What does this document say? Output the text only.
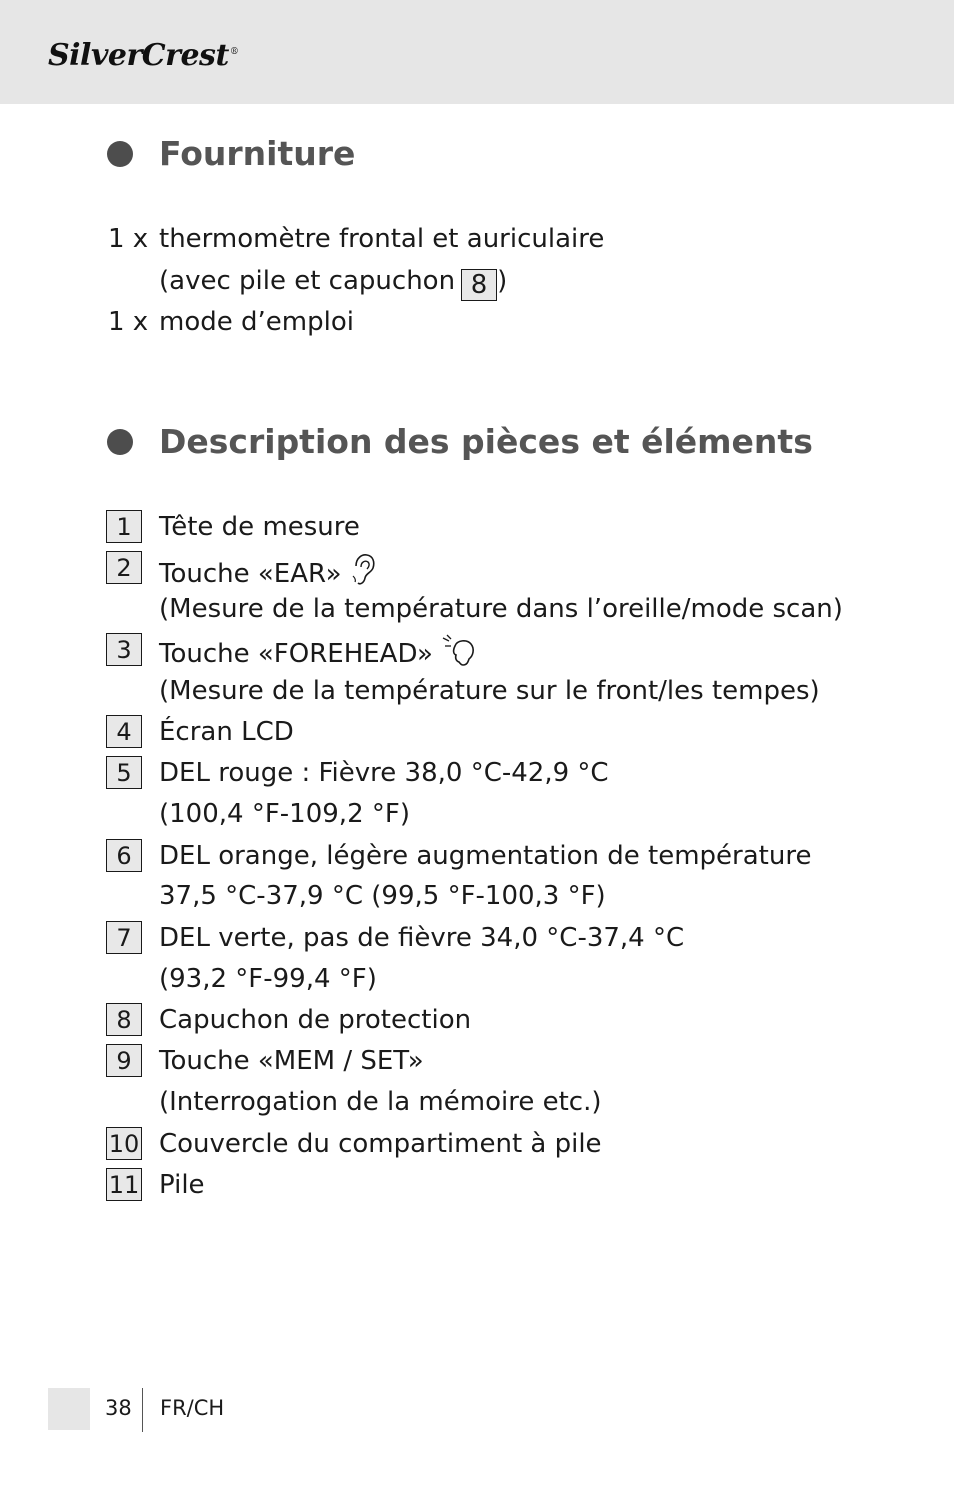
SilverCrest®
Fourniture
1 x thermomètre frontal et auriculaire
(avec pile et capuchon 8 )
1 x mode d’emploi
Description des pièces et éléments
1	Tête de mesure
2	Touche «EAR»
(Mesure de la température dans l’oreille/mode scan)
3	Touche «FOREHEAD»
(Mesure de la température sur le front/les tempes)
4	Écran LCD
5	DEL rouge : Fièvre 38,0 °C-42,9 °C
(100,4 °F-109,2 °F)
6	DEL orange, légère augmentation de température
37,5 °C-37,9 °C (99,5 °F-100,3 °F)
7	DEL verte, pas de fièvre 34,0 °C-37,4 °C
(93,2 °F-99,4 °F)
8	Capuchon de protection
9	Touche «MEM / SET»
(Interrogation de la mémoire etc.)
10 Couvercle du compartiment à pile
11 Pile
38 FR/CH
